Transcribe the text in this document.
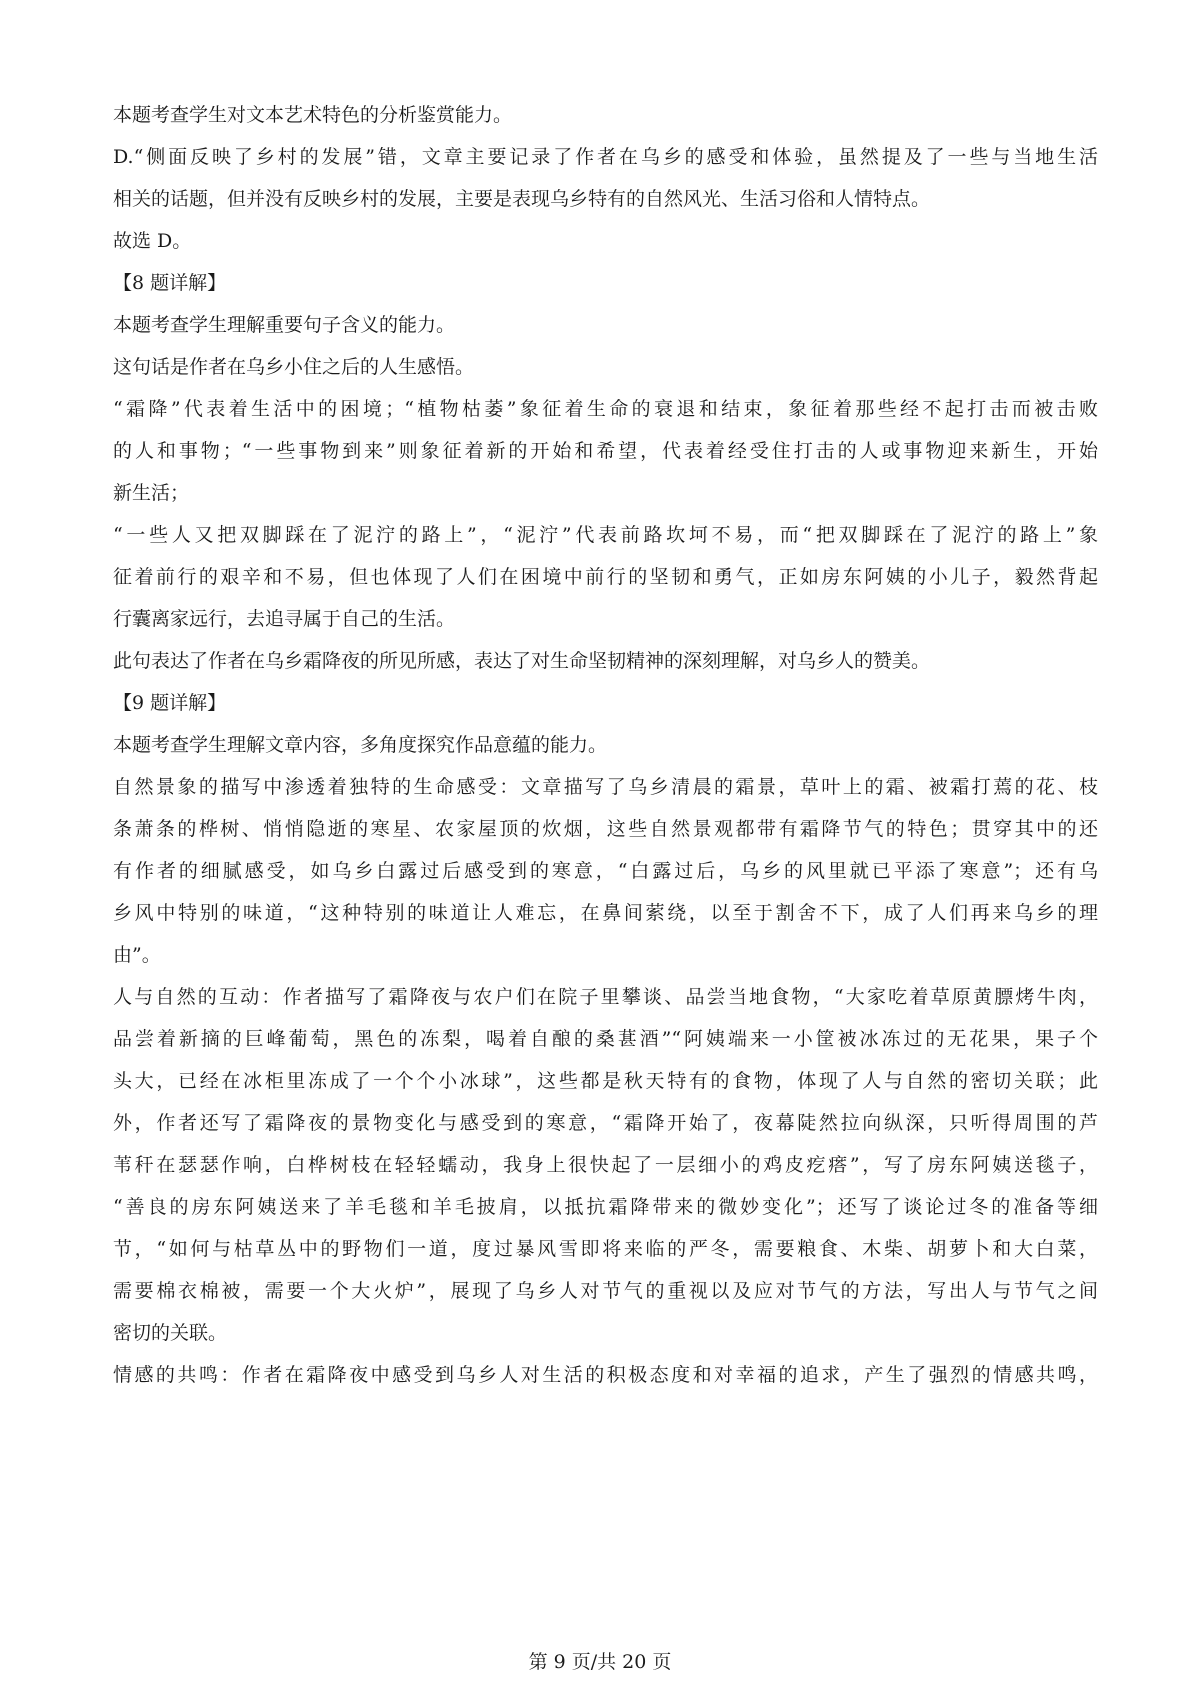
本题考查学生对文本艺术特色的分析鉴赏能力。
D.“侧面反映了乡村的发展”错，文章主要记录了作者在乌乡的感受和体验，虽然提及了一些与当地生活
相关的话题，但并没有反映乡村的发展，主要是表现乌乡特有的自然风光、生活习俗和人情特点。
故选 D。
【8 题详解】
本题考查学生理解重要句子含义的能力。
这句话是作者在乌乡小住之后的人生感悟。
“霜降”代表着生活中的困境；“植物枯萎”象征着生命的衰退和结束，象征着那些经不起打击而被击败
的人和事物；“一些事物到来”则象征着新的开始和希望，代表着经受住打击的人或事物迎来新生，开始
新生活；
“一些人又把双脚踩在了泥泞的路上”，“泥泞”代表前路坎坷不易，而“把双脚踩在了泥泞的路上”象
征着前行的艰辛和不易，但也体现了人们在困境中前行的坚韧和勇气，正如房东阿姨的小儿子，毅然背起
行囊离家远行，去追寻属于自己的生活。
此句表达了作者在乌乡霜降夜的所见所感，表达了对生命坚韧精神的深刻理解，对乌乡人的赞美。
【9 题详解】
本题考查学生理解文章内容，多角度探究作品意蕴的能力。
自然景象的描写中渗透着独特的生命感受：文章描写了乌乡清晨的霜景，草叶上的霜、被霜打蔫的花、枝
条萧条的桦树、悄悄隐逝的寒星、农家屋顶的炊烟，这些自然景观都带有霜降节气的特色；贯穿其中的还
有作者的细腻感受，如乌乡白露过后感受到的寒意，“白露过后，乌乡的风里就已平添了寒意”；还有乌
乡风中特别的味道，“这种特别的味道让人难忘，在鼻间萦绕，以至于割舍不下，成了人们再来乌乡的理
由”。
人与自然的互动：作者描写了霜降夜与农户们在院子里攀谈、品尝当地食物，“大家吃着草原黄膘烤牛肉，
品尝着新摘的巨峰葡萄，黑色的冻梨，喝着自酿的桑葚酒”“阿姨端来一小筐被冰冻过的无花果，果子个
头大，已经在冰柜里冻成了一个个小冰球”，这些都是秋天特有的食物，体现了人与自然的密切关联；此
外，作者还写了霜降夜的景物变化与感受到的寒意，“霜降开始了，夜幕陡然拉向纵深，只听得周围的芦
苇秆在瑟瑟作响，白桦树枝在轻轻蠕动，我身上很快起了一层细小的鸡皮疙瘩”，写了房东阿姨送毯子，
“善良的房东阿姨送来了羊毛毯和羊毛披肩，以抵抗霜降带来的微妙变化”；还写了谈论过冬的准备等细
节，“如何与枯草丛中的野物们一道，度过暴风雪即将来临的严冬，需要粮食、木柴、胡萝卜和大白菜，
需要棉衣棉被，需要一个大火炉”，展现了乌乡人对节气的重视以及应对节气的方法，写出人与节气之间
密切的关联。
情感的共鸣：作者在霜降夜中感受到乌乡人对生活的积极态度和对幸福的追求，产生了强烈的情感共鸣，
第 9 页/共 20 页
